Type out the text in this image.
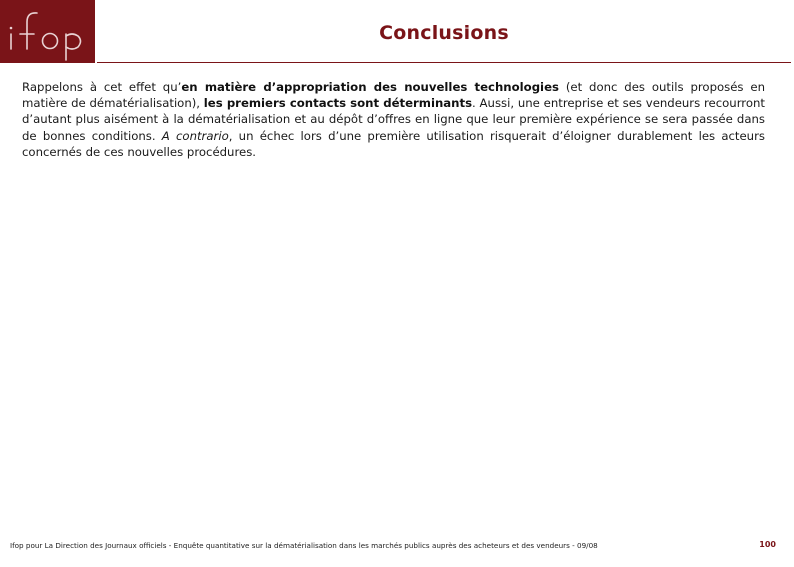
Conclusions
Rappelons à cet effet qu’en matière d’appropriation des nouvelles technologies (et donc des outils proposés en matière de dématérialisation), les premiers contacts sont déterminants. Aussi, une entreprise et ses vendeurs recourront d’autant plus aisément à la dématérialisation et au dépôt d’offres en ligne que leur première expérience se sera passée dans de bonnes conditions. A contrario, un échec lors d’une première utilisation risquerait d’éloigner durablement les acteurs concernés de ces nouvelles procédures.
Ifop pour La Direction des Journaux officiels - Enquête quantitative sur la dématérialisation dans les marchés publics auprès des acheteurs et des vendeurs - 09/08	100
